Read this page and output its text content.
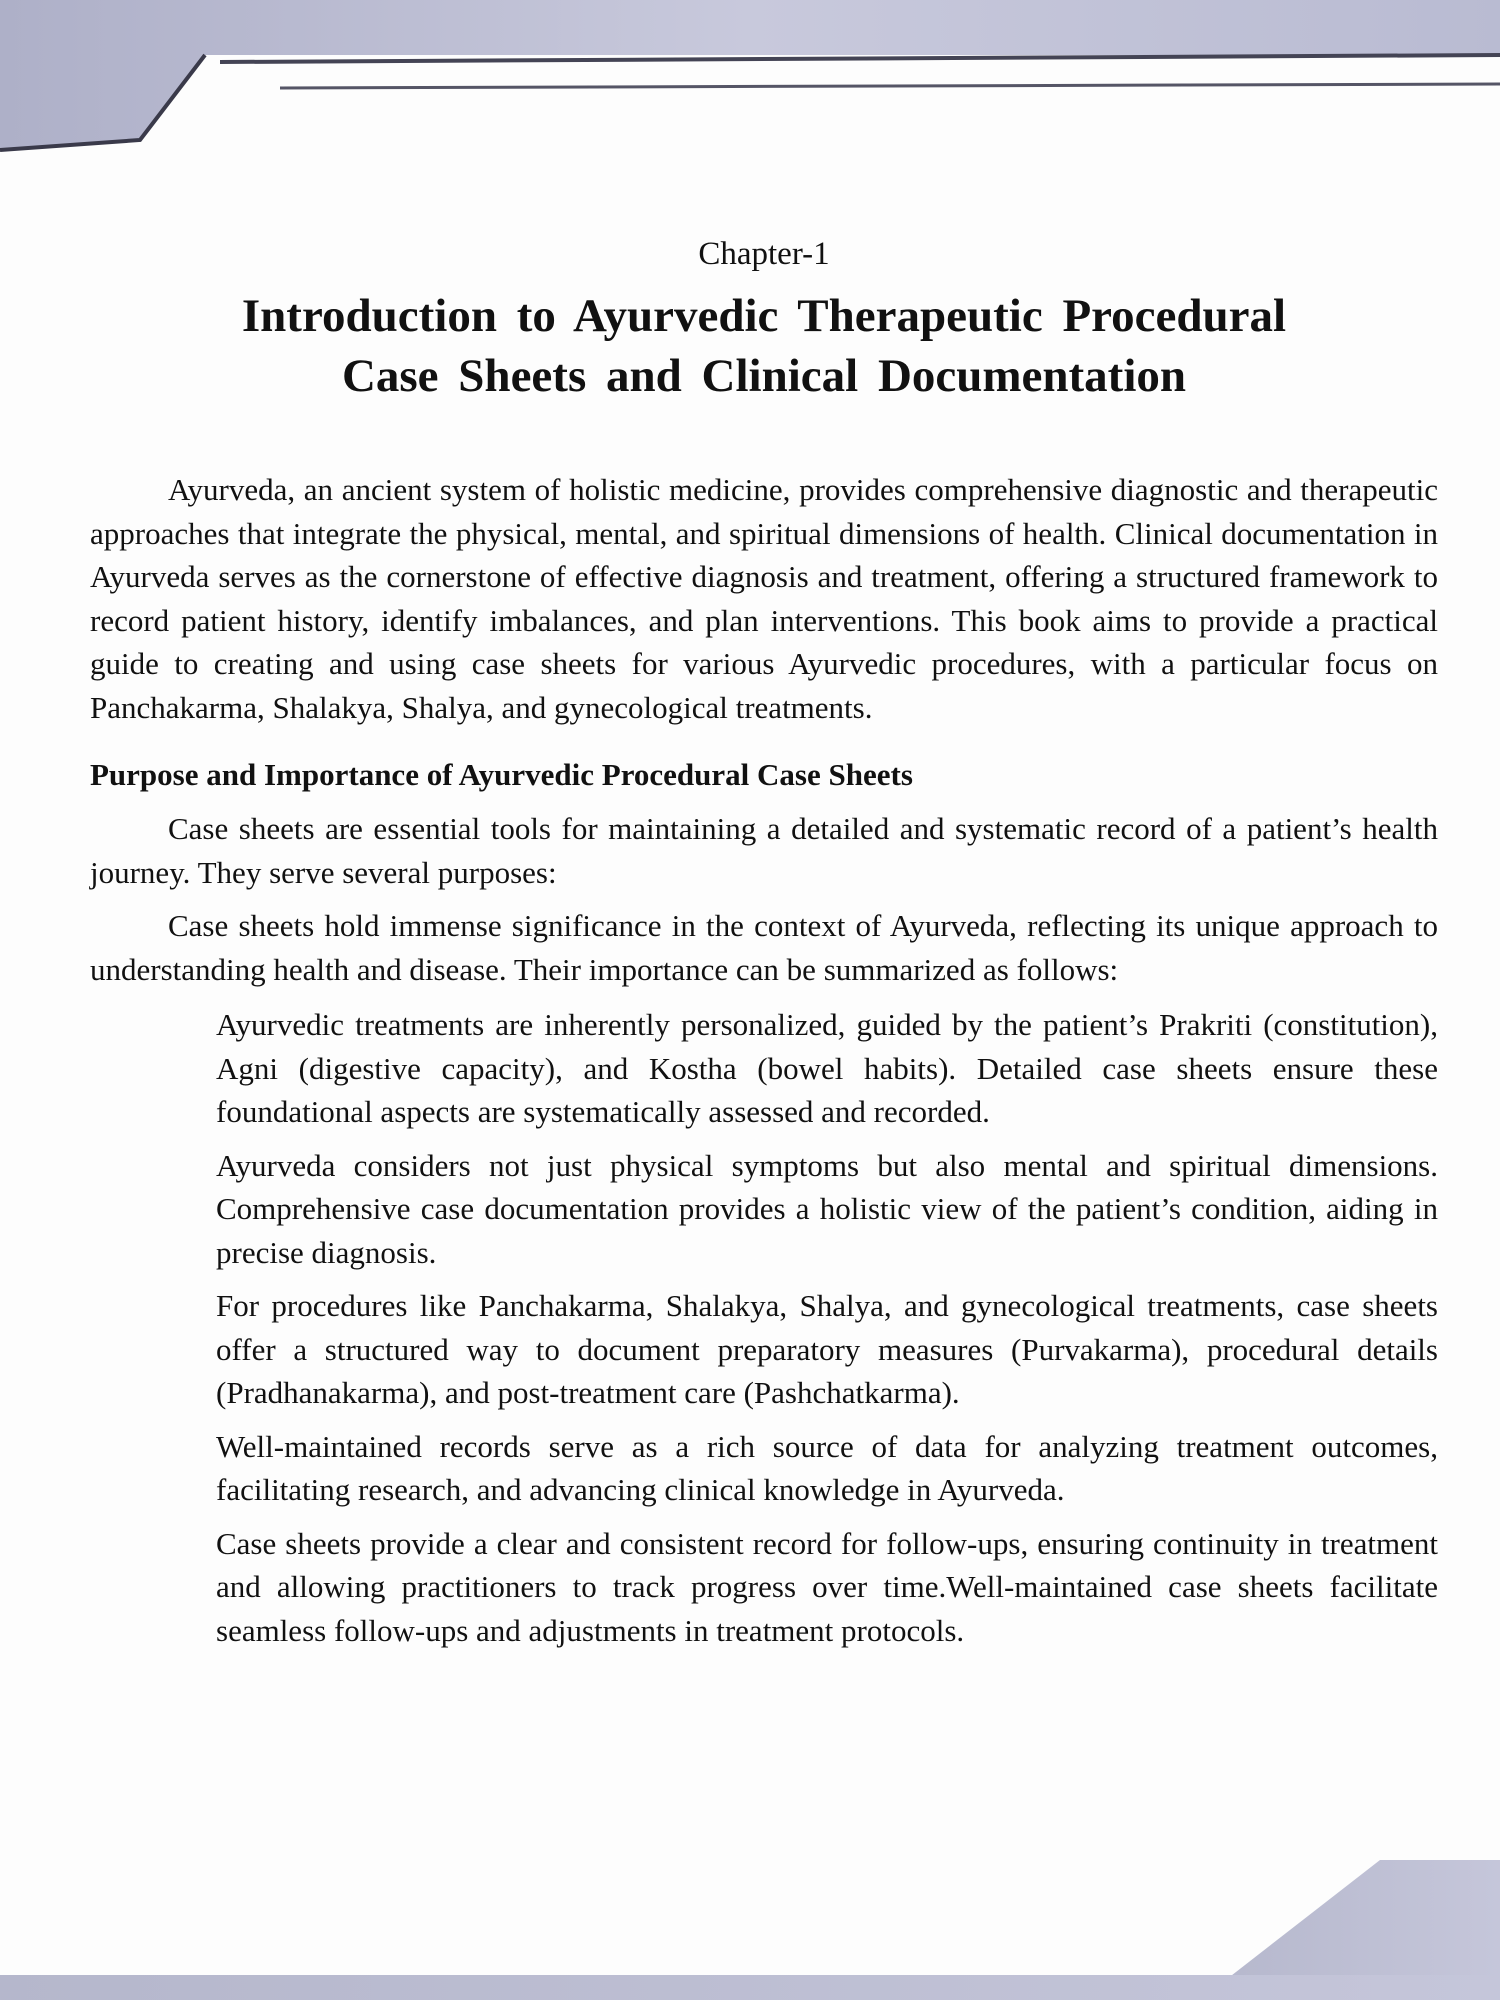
Chapter-1
Introduction to Ayurvedic Therapeutic Procedural
Case Sheets and Clinical Documentation

Ayurveda, an ancient system of holistic medicine, provides comprehensive diagnostic and therapeutic approaches that integrate the physical, mental, and spiritual dimensions of health. Clinical documentation in Ayurveda serves as the cornerstone of effective diagnosis and treatment, offering a structured framework to record patient history, identify imbalances, and plan interventions. This book aims to provide a practical guide to creating and using case sheets for various Ayurvedic procedures, with a particular focus on Panchakarma, Shalakya, Shalya, and gynecological treatments.

Purpose and Importance of Ayurvedic Procedural Case Sheets

Case sheets are essential tools for maintaining a detailed and systematic record of a patient’s health journey. They serve several purposes:

Case sheets hold immense significance in the context of Ayurveda, reflecting its unique approach to understanding health and disease. Their importance can be summarized as follows:

Ayurvedic treatments are inherently personalized, guided by the patient’s Prakriti (constitution), Agni (digestive capacity), and Kostha (bowel habits). Detailed case sheets ensure these foundational aspects are systematically assessed and recorded.
Ayurveda considers not just physical symptoms but also mental and spiritual dimensions. Comprehensive case documentation provides a holistic view of the patient’s condition, aiding in precise diagnosis.
For procedures like Panchakarma, Shalakya, Shalya, and gynecological treatments, case sheets offer a structured way to document preparatory measures (Purvakarma), procedural details (Pradhanakarma), and post-treatment care (Pashchatkarma).
Well-maintained records serve as a rich source of data for analyzing treatment outcomes, facilitating research, and advancing clinical knowledge in Ayurveda.
Case sheets provide a clear and consistent record for follow-ups, ensuring continuity in treatment and allowing practitioners to track progress over time.Well-maintained case sheets facilitate seamless follow-ups and adjustments in treatment protocols.
